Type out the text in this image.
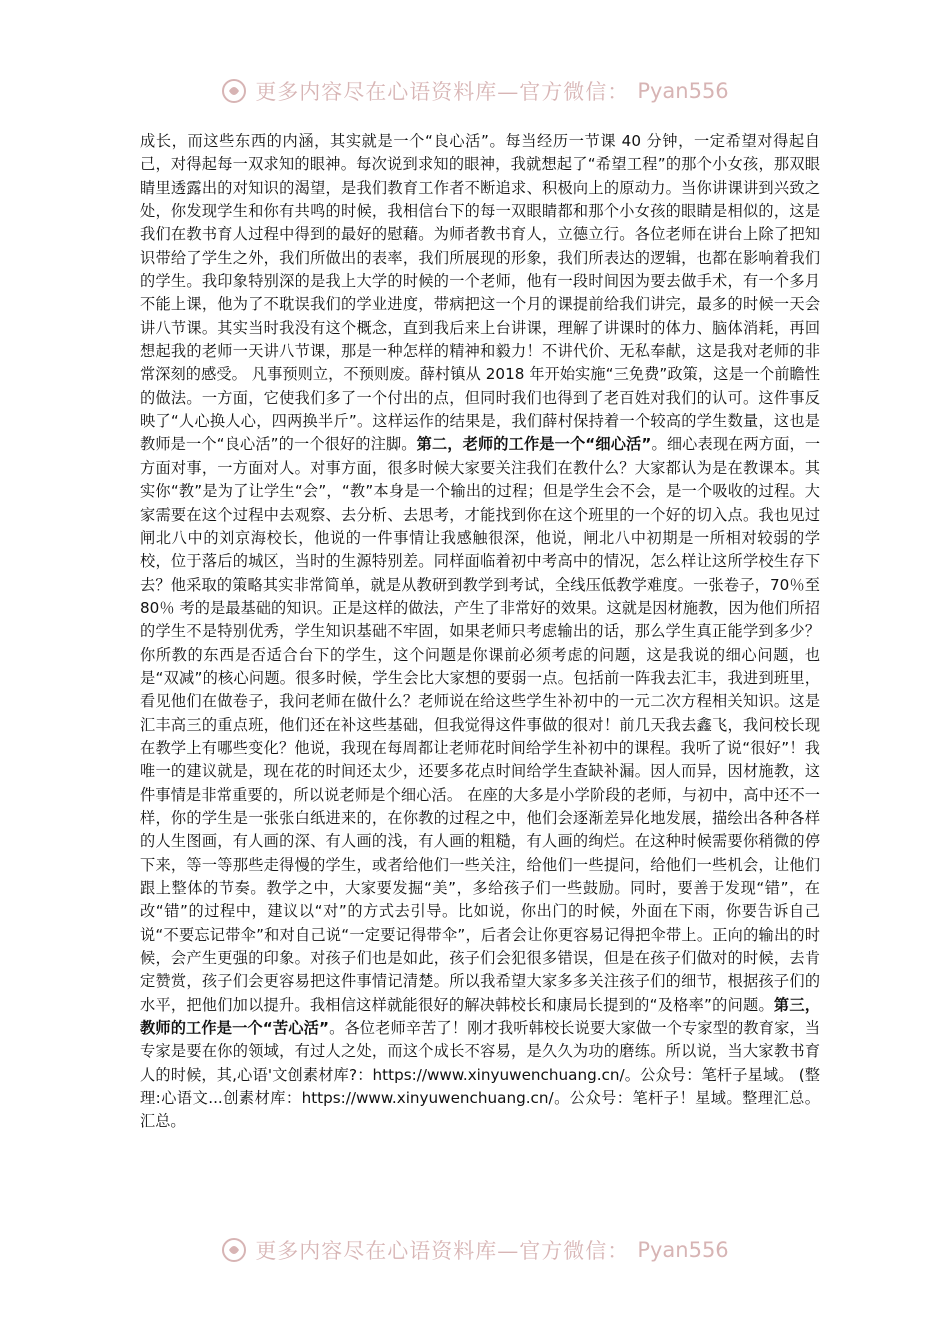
更多内容尽在心语资料库—官方微信： Pyan556

成长，而这些东西的内涵，其实就是一个“良心活”。每当经历一节课 40 分钟，一定希望对得起自己，对得起每一双求知的眼神。每次说到求知的眼神，我就想起了“希望工程”的那个小女孩，那双眼睛里透露出的对知识的渴望，是我们教育工作者不断追求、积极向上的原动力。当你讲课讲到兴致之处，你发现学生和你有共鸣的时候，我相信台下的每一双眼睛都和那个小女孩的眼睛是相似的，这是我们在教书育人过程中得到的最好的慰藉。为师者教书育人，立德立行。各位老师在讲台上除了把知识带给了学生之外，我们所做出的表率，我们所展现的形象，我们所表达的逻辑，也都在影响着我们的学生。我印象特别深的是我上大学的时候的一个老师，他有一段时间因为要去做手术，有一个多月不能上课，他为了不耽误我们的学业进度，带病把这一个月的课提前给我们讲完，最多的时候一天会讲八节课。其实当时我没有这个概念，直到我后来上台讲课，理解了讲课时的体力、脑体消耗，再回想起我的老师一天讲八节课，那是一种怎样的精神和毅力！不讲代价、无私奉献，这是我对老师的非常深刻的感受。 凡事预则立，不预则废。薛村镇从 2018 年开始实施“三免费”政策，这是一个前瞻性的做法。一方面，它使我们多了一个付出的点，但同时我们也得到了老百姓对我们的认可。这件事反映了“人心换人心，四两换半斤”。这样运作的结果是，我们薛村保持着一个较高的学生数量，这也是教师是一个“良心活”的一个很好的注脚。第二，老师的工作是一个“细心活”。细心表现在两方面，一方面对事，一方面对人。对事方面，很多时候大家要关注我们在教什么？大家都认为是在教课本。其实你“教”是为了让学生“会”，“教”本身是一个输出的过程；但是学生会不会，是一个吸收的过程。大家需要在这个过程中去观察、去分析、去思考，才能找到你在这个班里的一个好的切入点。我也见过闸北八中的刘京海校长，他说的一件事情让我感触很深，他说，闸北八中初期是一所相对较弱的学校，位于落后的城区，当时的生源特别差。同样面临着初中考高中的情况，怎么样让这所学校生存下去？他采取的策略其实非常简单，就是从教研到教学到考试，全线压低教学难度。一张卷子，70％至 80％ 考的是最基础的知识。正是这样的做法，产生了非常好的效果。这就是因材施教，因为他们所招的学生不是特别优秀，学生知识基础不牢固，如果老师只考虑输出的话，那么学生真正能学到多少？你所教的东西是否适合台下的学生，这个问题是你课前必须考虑的问题，这是我说的细心问题，也是“双减”的核心问题。很多时候，学生会比大家想的要弱一点。包括前一阵我去汇丰，我进到班里，看见他们在做卷子，我问老师在做什么？老师说在给这些学生补初中的一元二次方程相关知识。这是汇丰高三的重点班，他们还在补这些基础，但我觉得这件事做的很对！前几天我去鑫飞，我问校长现在教学上有哪些变化？他说，我现在每周都让老师花时间给学生补初中的课程。我听了说“很好”！我唯一的建议就是，现在花的时间还太少，还要多花点时间给学生查缺补漏。因人而异，因材施教，这件事情是非常重要的，所以说老师是个细心活。 在座的大多是小学阶段的老师，与初中，高中还不一样，你的学生是一张张白纸进来的，在你教的过程之中，他们会逐渐差异化地发展，描绘出各种各样的人生图画，有人画的深、有人画的浅，有人画的粗糙，有人画的绚烂。在这种时候需要你稍微的停下来，等一等那些走得慢的学生，或者给他们一些关注，给他们一些提问，给他们一些机会，让他们跟上整体的节奏。教学之中，大家要发掘“美”，多给孩子们一些鼓励。同时，要善于发现“错”，在改“错”的过程中，建议以“对”的方式去引导。比如说，你出门的时候，外面在下雨，你要告诉自己说“不要忘记带伞”和对自己说“一定要记得带伞”，后者会让你更容易记得把伞带上。正向的输出的时候，会产生更强的印象。对孩子们也是如此，孩子们会犯很多错误，但是在孩子们做对的时候，去肯定赞赏，孩子们会更容易把这件事情记清楚。所以我希望大家多多关注孩子们的细节，根据孩子们的水平，把他们加以提升。我相信这样就能很好的解决韩校长和康局长提到的“及格率”的问题。第三，教师的工作是一个“苦心活”。各位老师辛苦了！刚才我听韩校长说要大家做一个专家型的教育家，当专家是要在你的领域，有过人之处，而这个成长不容易，是久久为功的磨练。所以说，当大家教书育人的时候，其,心语'文创素材库?：https://www.xinyuwenchuang.cn/。公众号：笔杆子星域。 (整理:心语文...创素材库：https://www.xinyuwenchuang.cn/。公众号：笔杆子！星域。整理汇总。汇总。

更多内容尽在心语资料库—官方微信： Pyan556
